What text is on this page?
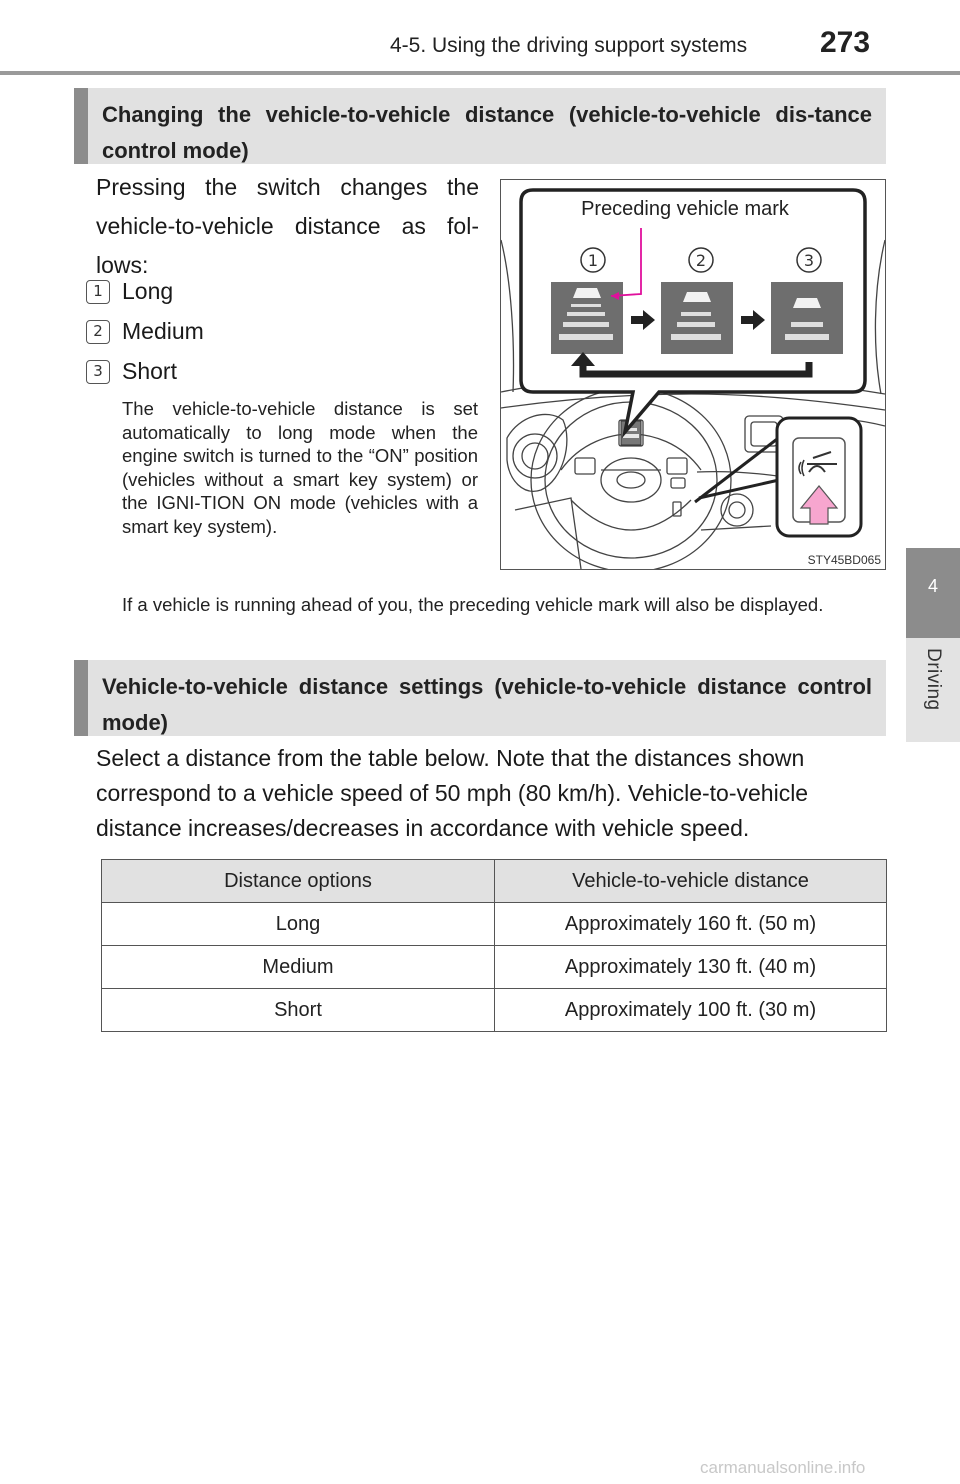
4-5. Using the driving support systems	273
4
Driving
Changing the vehicle-to-vehicle distance (vehicle-to-vehicle dis-tance control mode)
Pressing the switch changes the vehicle-to-vehicle distance as fol-lows:
1 Long
2 Medium
3 Short
The vehicle-to-vehicle distance is set automatically to long mode when the engine switch is turned to the “ON” position (vehicles without a smart key system) or the IGNI-TION ON mode (vehicles with a smart key system).
1	2	3
Preceding vehicle mark
STY45BD065
If a vehicle is running ahead of you, the preceding vehicle mark will also be displayed.
Vehicle-to-vehicle distance settings (vehicle-to-vehicle distance control mode)
Select a distance from the table below. Note that the distances shown correspond to a vehicle speed of 50 mph (80 km/h). Vehicle-to-vehicle distance increases/decreases in accordance with vehicle speed.
Distance options	Vehicle-to-vehicle distance
Long	Approximately 160 ft. (50 m)
Medium	Approximately 130 ft. (40 m)
Short	Approximately 100 ft. (30 m)
carmanualsonline.info
